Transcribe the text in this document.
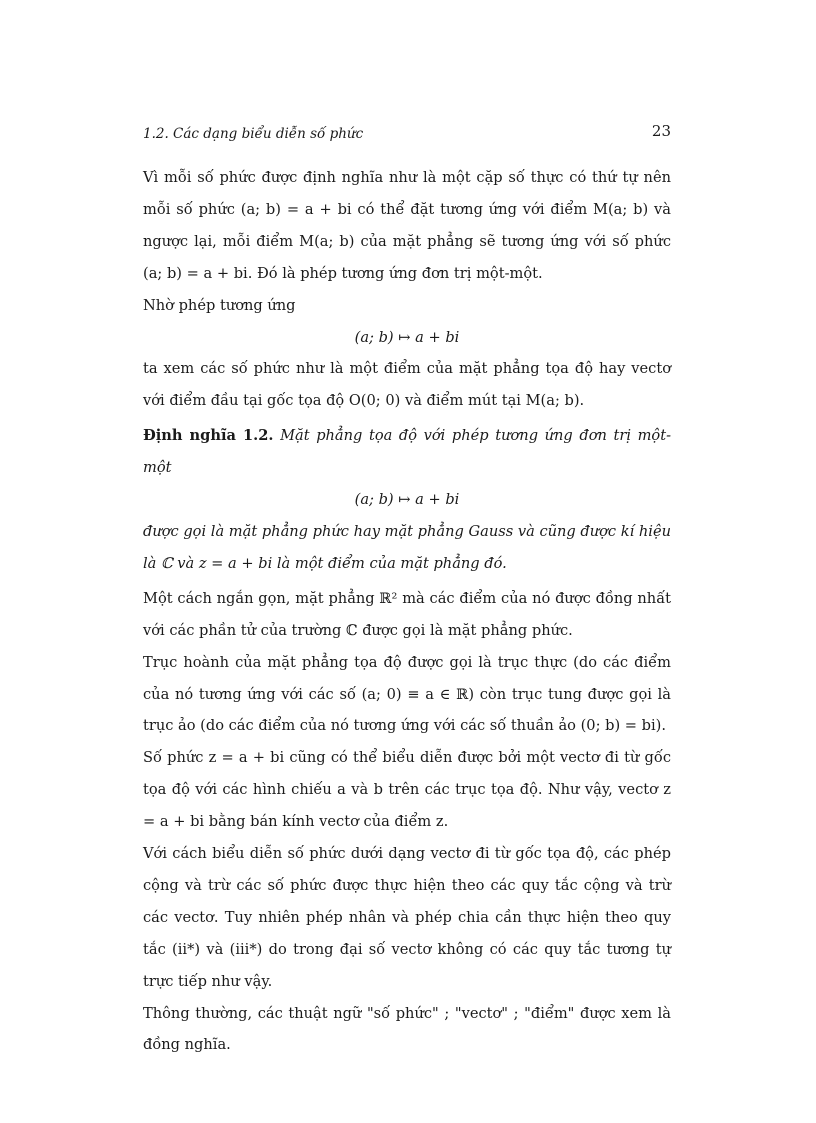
1.2. Các dạng biểu diễn số phức	23

Vì mỗi số phức được định nghĩa như là một cặp số thực có thứ tự nên mỗi số phức (a; b) = a + bi có thể đặt tương ứng với điểm M(a; b) và ngược lại, mỗi điểm M(a; b) của mặt phẳng sẽ tương ứng với số phức (a; b) = a + bi. Đó là phép tương ứng đơn trị một-một.

Nhờ phép tương ứng

(a; b) ↦ a + bi

ta xem các số phức như là một điểm của mặt phẳng tọa độ hay vectơ với điểm đầu tại gốc tọa độ O(0; 0) và điểm mút tại M(a; b).

Định nghĩa 1.2. Mặt phẳng tọa độ với phép tương ứng đơn trị một-một

(a; b) ↦ a + bi

được gọi là mặt phẳng phức hay mặt phẳng Gauss và cũng được kí hiệu là ℂ và z = a + bi là một điểm của mặt phẳng đó.

Một cách ngắn gọn, mặt phẳng ℝ² mà các điểm của nó được đồng nhất với các phần tử của trường ℂ được gọi là mặt phẳng phức.

Trục hoành của mặt phẳng tọa độ được gọi là trục thực (do các điểm của nó tương ứng với các số (a; 0) ≡ a ∈ ℝ) còn trục tung được gọi là trục ảo (do các điểm của nó tương ứng với các số thuần ảo (0; b) = bi).

Số phức z = a + bi cũng có thể biểu diễn được bởi một vectơ đi từ gốc tọa độ với các hình chiếu a và b trên các trục tọa độ. Như vậy, vectơ z = a + bi bằng bán kính vectơ của điểm z.

Với cách biểu diễn số phức dưới dạng vectơ đi từ gốc tọa độ, các phép cộng và trừ các số phức được thực hiện theo các quy tắc cộng và trừ các vectơ. Tuy nhiên phép nhân và phép chia cần thực hiện theo quy tắc (ii*) và (iii*) do trong đại số vectơ không có các quy tắc tương tự trực tiếp như vậy.

Thông thường, các thuật ngữ "số phức" ; "vectơ" ; "điểm" được xem là đồng nghĩa.
